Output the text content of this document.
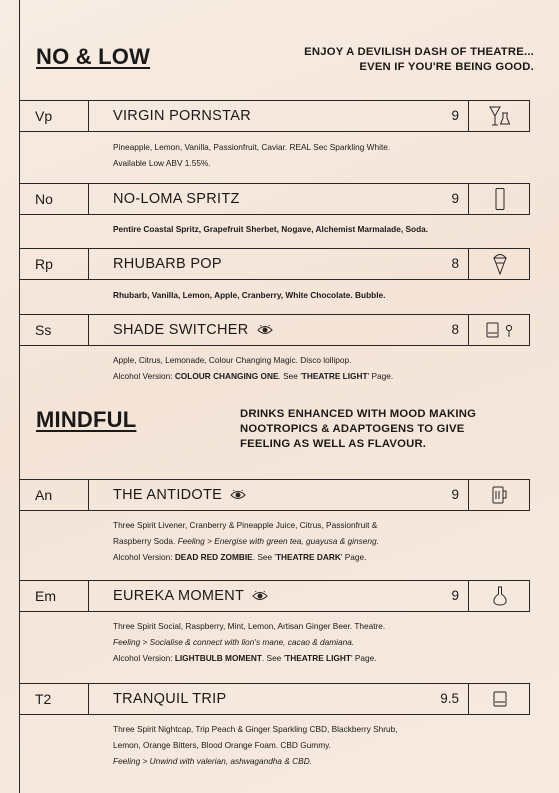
NO & LOW	ENJOY A DEVILISH DASH OF THEATRE...
EVEN IF YOU'RE BEING GOOD.
Vp	VIRGIN PORNSTAR	9
Pineapple, Lemon, Vanilla, Passionfruit, Caviar. REAL Sec Sparkling White.
Available Low ABV 1.55%.
No	NO-LOMA SPRITZ	9
Pentire Coastal Spritz, Grapefruit Sherbet, Nogave, Alchemist Marmalade, Soda.
Rp	RHUBARB POP	8
Rhubarb, Vanilla, Lemon, Apple, Cranberry, White Chocolate. Bubble.
Ss	SHADE SWITCHER	8
Apple, Citrus, Lemonade, Colour Changing Magic. Disco lollipop.
Alcohol Version: COLOUR CHANGING ONE. See 'THEATRE LIGHT' Page.
MINDFUL	DRINKS ENHANCED WITH MOOD MAKING
NOOTROPICS & ADAPTOGENS TO GIVE
FEELING AS WELL AS FLAVOUR.
An	THE ANTIDOTE	9
Three Spirit Livener, Cranberry & Pineapple Juice, Citrus, Passionfruit &
Raspberry Soda. Feeling > Energise with green tea, guayusa & ginseng.
Alcohol Version: DEAD RED ZOMBIE. See 'THEATRE DARK' Page.
Em	EUREKA MOMENT	9
Three Spirit Social, Raspberry, Mint, Lemon, Artisan Ginger Beer. Theatre.
Feeling > Socialise & connect with lion's mane, cacao & damiana.
Alcohol Version: LIGHTBULB MOMENT. See 'THEATRE LIGHT' Page.
T2	TRANQUIL TRIP	9.5
Three Spirit Nightcap, Trip Peach & Ginger Sparkling CBD, Blackberry Shrub,
Lemon, Orange Bitters, Blood Orange Foam. CBD Gummy.
Feeling > Unwind with valerian, ashwagandha & CBD.
